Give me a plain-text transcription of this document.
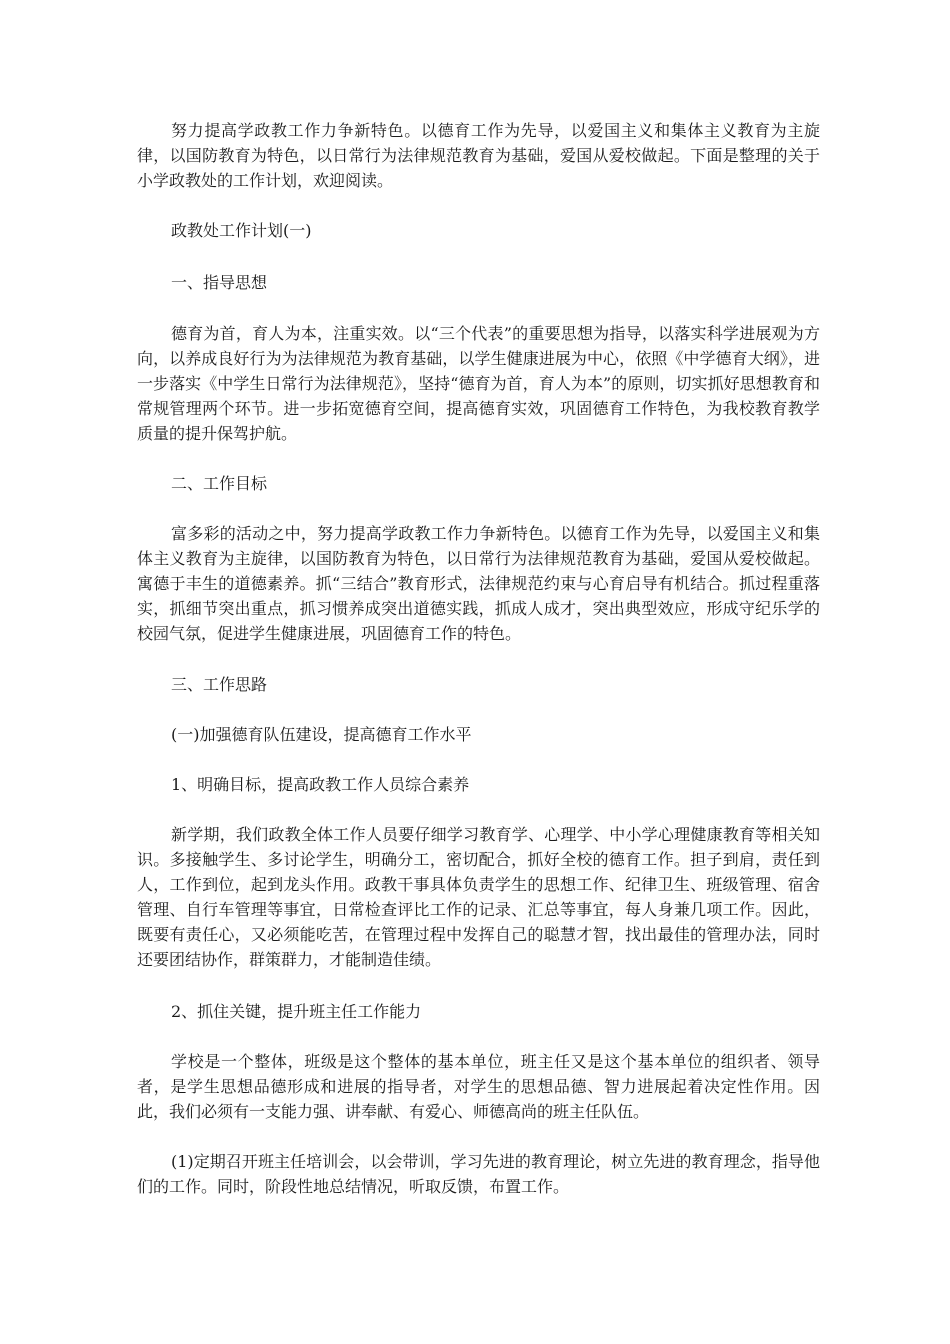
努力提高学政教工作力争新特色。以德育工作为先导，以爱国主义和集体主义教育为主旋律，以国防教育为特色，以日常行为法律规范教育为基础，爱国从爱校做起。下面是整理的关于小学政教处的工作计划，欢迎阅读。

政教处工作计划(一)

一、指导思想

德育为首，育人为本，注重实效。以“三个代表”的重要思想为指导，以落实科学进展观为方向，以养成良好行为为法律规范为教育基础，以学生健康进展为中心，依照《中学德育大纲》，进一步落实《中学生日常行为法律规范》，坚持“德育为首，育人为本”的原则，切实抓好思想教育和常规管理两个环节。进一步拓宽德育空间，提高德育实效，巩固德育工作特色，为我校教育教学质量的提升保驾护航。

二、工作目标

富多彩的活动之中，努力提高学政教工作力争新特色。以德育工作为先导，以爱国主义和集体主义教育为主旋律，以国防教育为特色，以日常行为法律规范教育为基础，爱国从爱校做起。寓德于丰生的道德素养。抓“三结合”教育形式，法律规范约束与心育启导有机结合。抓过程重落实，抓细节突出重点，抓习惯养成突出道德实践，抓成人成才，突出典型效应，形成守纪乐学的校园气氛，促进学生健康进展，巩固德育工作的特色。

三、工作思路

(一)加强德育队伍建设，提高德育工作水平

1、明确目标，提高政教工作人员综合素养

新学期，我们政教全体工作人员要仔细学习教育学、心理学、中小学心理健康教育等相关知识。多接触学生、多讨论学生，明确分工，密切配合，抓好全校的德育工作。担子到肩，责任到人，工作到位，起到龙头作用。政教干事具体负责学生的思想工作、纪律卫生、班级管理、宿舍管理、自行车管理等事宜，日常检查评比工作的记录、汇总等事宜，每人身兼几项工作。因此，既要有责任心，又必须能吃苦，在管理过程中发挥自己的聪慧才智，找出最佳的管理办法，同时还要团结协作，群策群力，才能制造佳绩。

2、抓住关键，提升班主任工作能力

学校是一个整体，班级是这个整体的基本单位，班主任又是这个基本单位的组织者、领导者，是学生思想品德形成和进展的指导者，对学生的思想品德、智力进展起着决定性作用。因此，我们必须有一支能力强、讲奉献、有爱心、师德高尚的班主任队伍。

(1)定期召开班主任培训会，以会带训，学习先进的教育理论，树立先进的教育理念，指导他们的工作。同时，阶段性地总结情况，听取反馈，布置工作。
